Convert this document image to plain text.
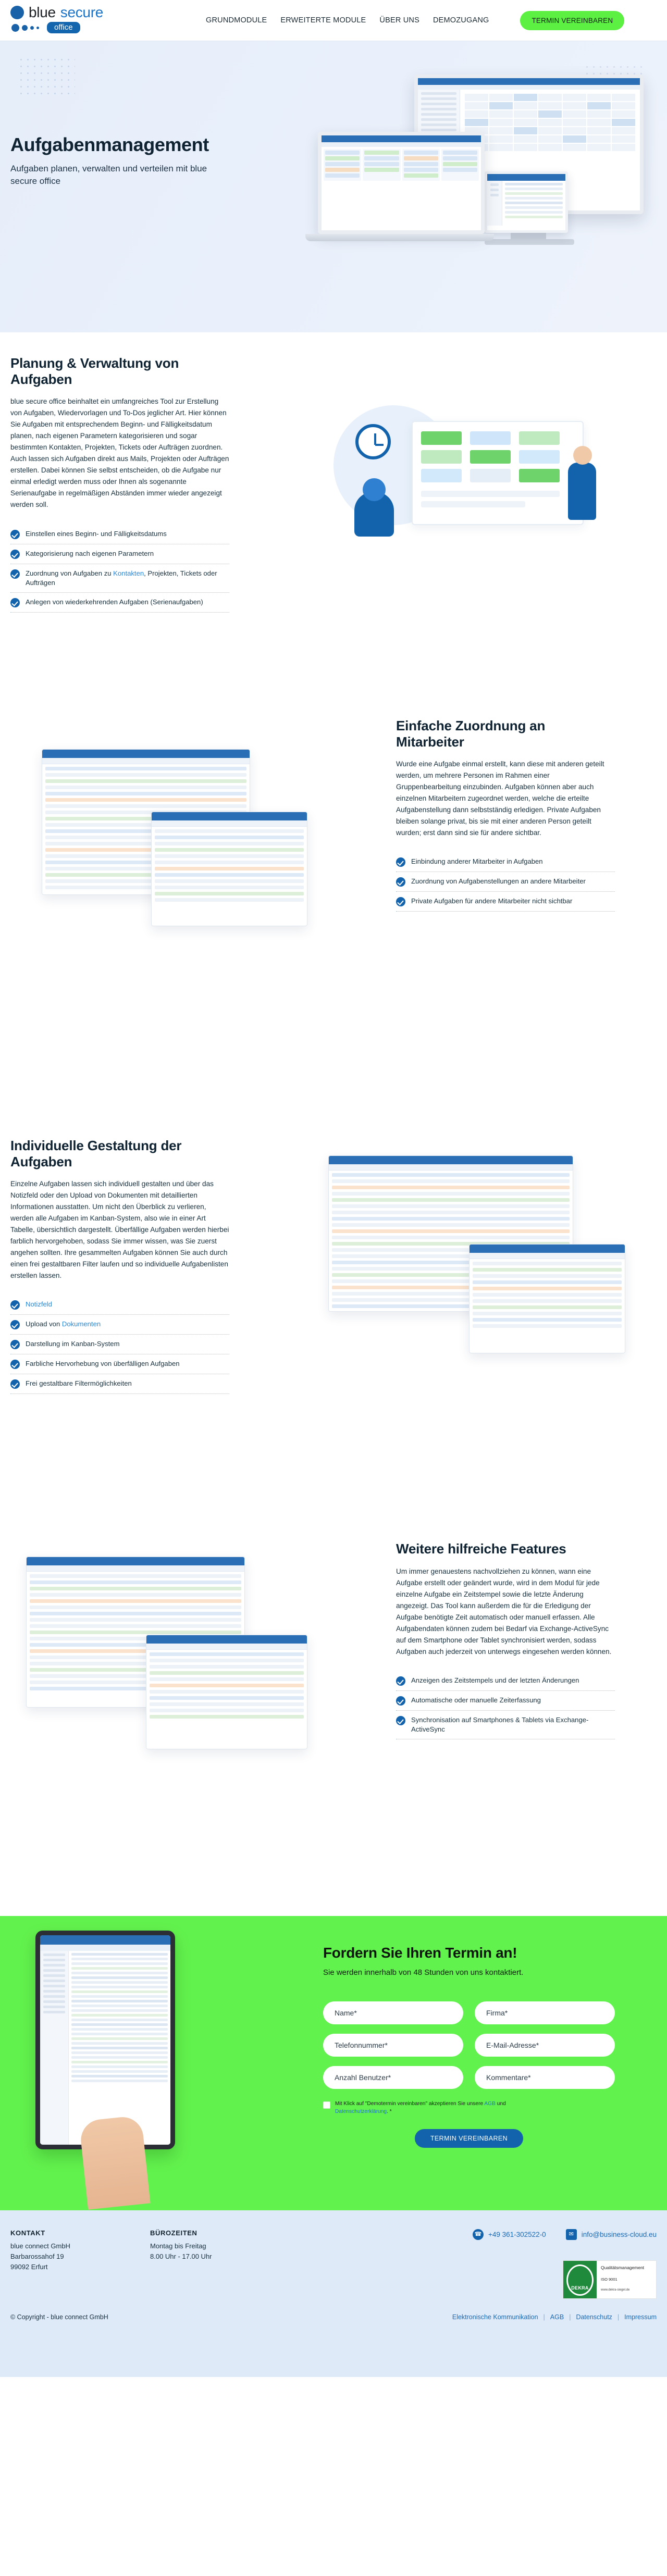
blue secure
office
GRUNDMODULE ERWEITERTE MODULE ÜBER UNS DEMOZUGANG	TERMIN VEREINBAREN
Aufgabenmanagement

Aufgaben planen, verwalten und verteilen mit blue secure office

Planung & Verwaltung von Aufgaben

blue secure office beinhaltet ein umfangreiches Tool zur Erstellung von Aufgaben, Wiedervorlagen und To-Dos jeglicher Art. Hier können Sie Aufgaben mit entsprechendem Beginn- und Fälligkeitsdatum planen, nach eigenen Parametern kategorisieren und sogar bestimmten Kontakten, Projekten, Tickets oder Aufträgen zuordnen. Auch lassen sich Aufgaben direkt aus Mails, Projekten oder Aufträgen erstellen. Dabei können Sie selbst entscheiden, ob die Aufgabe nur einmal erledigt werden muss oder Ihnen als sogenannte Serienaufgabe in regelmäßigen Abständen immer wieder angezeigt werden soll.

Einstellen eines Beginn- und Fälligkeitsdatums
Kategorisierung nach eigenen Parametern
Zuordnung von Aufgaben zu Kontakten, Projekten, Tickets oder Aufträgen
Anlegen von wiederkehrenden Aufgaben (Serienaufgaben)
Einfache Zuordnung an Mitarbeiter

Wurde eine Aufgabe einmal erstellt, kann diese mit anderen geteilt werden, um mehrere Personen im Rahmen einer Gruppenbearbeitung einzubinden. Aufgaben können aber auch einzelnen Mitarbeitern zugeordnet werden, welche die erteilte Aufgabenstellung dann selbstständig erledigen. Private Aufgaben bleiben solange privat, bis sie mit einer anderen Person geteilt wurden; erst dann sind sie für andere sichtbar.

Einbindung anderer Mitarbeiter in Aufgaben
Zuordnung von Aufgabenstellungen an andere Mitarbeiter
Private Aufgaben für andere Mitarbeiter nicht sichtbar
Individuelle Gestaltung der Aufgaben

Einzelne Aufgaben lassen sich individuell gestalten und über das Notizfeld oder den Upload von Dokumenten mit detaillierten Informationen ausstatten. Um nicht den Überblick zu verlieren, werden alle Aufgaben im Kanban-System, also wie in einer Art Tabelle, übersichtlich dargestellt. Überfällige Aufgaben werden hierbei farblich hervorgehoben, sodass Sie immer wissen, was Sie zuerst angehen sollten. Ihre gesammelten Aufgaben können Sie auch durch einen frei gestaltbaren Filter laufen und so individuelle Aufgabenlisten erstellen lassen.

Notizfeld
Upload von Dokumenten
Darstellung im Kanban-System
Farbliche Hervorhebung von überfälligen Aufgaben
Frei gestaltbare Filtermöglichkeiten
Weitere hilfreiche Features

Um immer genauestens nachvollziehen zu können, wann eine Aufgabe erstellt oder geändert wurde, wird in dem Modul für jede einzelne Aufgabe ein Zeitstempel sowie die letzte Änderung angezeigt. Das Tool kann außerdem die für die Erledigung der Aufgabe benötigte Zeit automatisch oder manuell erfassen. Alle Aufgabendaten können zudem bei Bedarf via Exchange-ActiveSync auf dem Smartphone oder Tablet synchronisiert werden, sodass Aufgaben auch jederzeit von unterwegs eingesehen werden können.

Anzeigen des Zeitstempels und der letzten Änderungen
Automatische oder manuelle Zeiterfassung
Synchronisation auf Smartphones & Tablets via Exchange-ActiveSync
Fordern Sie Ihren Termin an!

Sie werden innerhalb von 48 Stunden von uns kontaktiert.

Name*
Firma*
Telefonnummer*
E-Mail-Adresse*
Anzahl Benutzer*
Kommentare*
Mit Klick auf "Demotermin vereinbaren" akzeptieren Sie unsere AGB und Datenschutzerklärung. *
TERMIN VEREINBAREN
KONTAKT
blue connect GmbH
Barbarossahof 19
99092 Erfurt
BÜROZEITEN
Montag bis Freitag
8.00 Uhr - 17.00 Uhr
☎ +49 361-302522-0	✉	info@business-cloud.eu
DEKRA
Qualitätsmanagement
ISO 9001
www.dekra-siegel.de
© Copyright - blue connect GmbH	Elektronische Kommunikation | AGB | Datenschutz | Impressum
